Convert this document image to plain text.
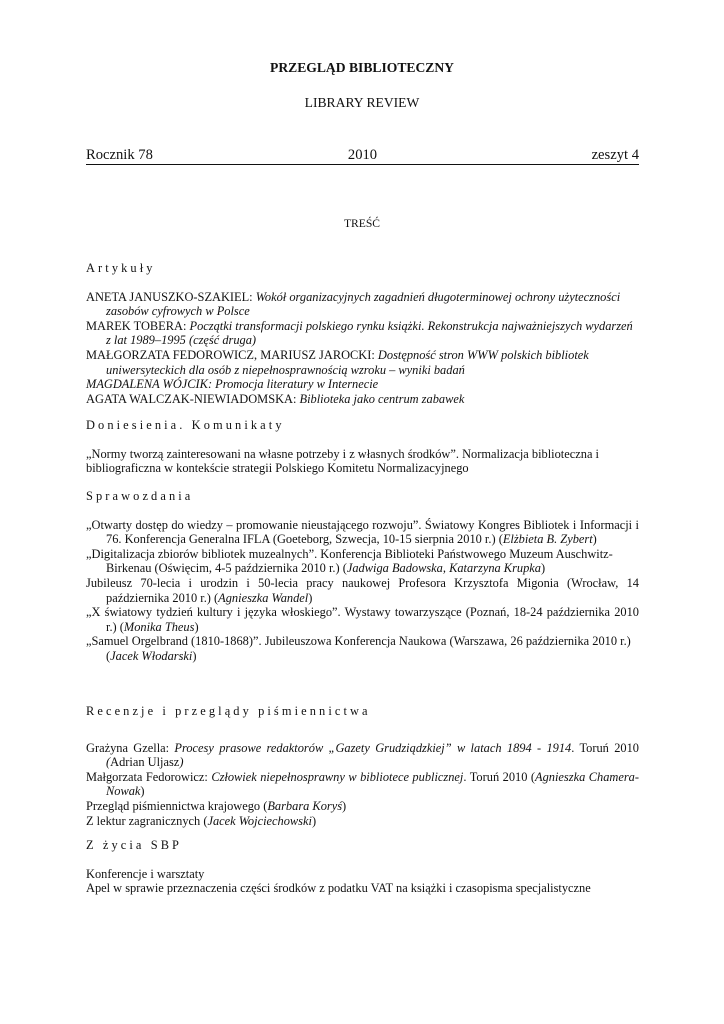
PRZEGLĄD BIBLIOTECZNY
LIBRARY REVIEW
Rocznik 78	2010	zeszyt 4
TREŚĆ

Artykuły

ANETA JANUSZKO-SZAKIEL: Wokół organizacyjnych zagadnień długoterminowej ochrony użyteczności zasobów cyfrowych w Polsce

MAREK TOBERA: Początki transformacji polskiego rynku książki. Rekonstrukcja najważniejszych wydarzeń z lat 1989–1995 (część druga)

MAŁGORZATA FEDOROWICZ, MARIUSZ JAROCKI: Dostępność stron WWW polskich bibliotek uniwersyteckich dla osób z niepełnosprawnością wzroku – wyniki badań

MAGDALENA WÓJCIK: Promocja literatury w Internecie

AGATA WALCZAK-NIEWIADOMSKA: Biblioteka jako centrum zabawek

Doniesienia. Komunikaty

„Normy tworzą zainteresowani na własne potrzeby i z własnych środków”. Normalizacja biblioteczna i bibliograficzna w kontekście strategii Polskiego Komitetu Normalizacyjnego

Sprawozdania

„Otwarty dostęp do wiedzy – promowanie nieustającego rozwoju”. Światowy Kongres Bibliotek i Informacji i 76. Konferencja Generalna IFLA (Goeteborg, Szwecja, 10-15 sierpnia 2010 r.) (Elżbieta B. Zybert)

„Digitalizacja zbiorów bibliotek muzealnych”. Konferencja Biblioteki Państwowego Muzeum Auschwitz- Birkenau (Oświęcim, 4-5 października 2010 r.) (Jadwiga Badowska, Katarzyna Krupka)

Jubileusz 70-lecia i urodzin i 50-lecia pracy naukowej Profesora Krzysztofa Migonia (Wrocław, 14 października 2010 r.) (Agnieszka Wandel)

„X światowy tydzień kultury i języka włoskiego”. Wystawy towarzyszące (Poznań, 18-24 października 2010 r.) (Monika Theus)

„Samuel Orgelbrand (1810-1868)”. Jubileuszowa Konferencja Naukowa (Warszawa, 26 października 2010 r.) (Jacek Włodarski)

Recenzje i przeglądy piśmiennictwa

Grażyna Gzella: Procesy prasowe redaktorów „Gazety Grudziądzkiej” w latach 1894 - 1914. Toruń 2010 (Adrian Uljasz)

Małgorzata Fedorowicz: Człowiek niepełnosprawny w bibliotece publicznej. Toruń 2010 (Agnieszka Chamera-Nowak)

Przegląd piśmiennictwa krajowego (Barbara Koryś)

Z lektur zagranicznych (Jacek Wojciechowski)

Z życia SBP

Konferencje i warsztaty

Apel w sprawie przeznaczenia części środków z podatku VAT na książki i czasopisma specjalistyczne
